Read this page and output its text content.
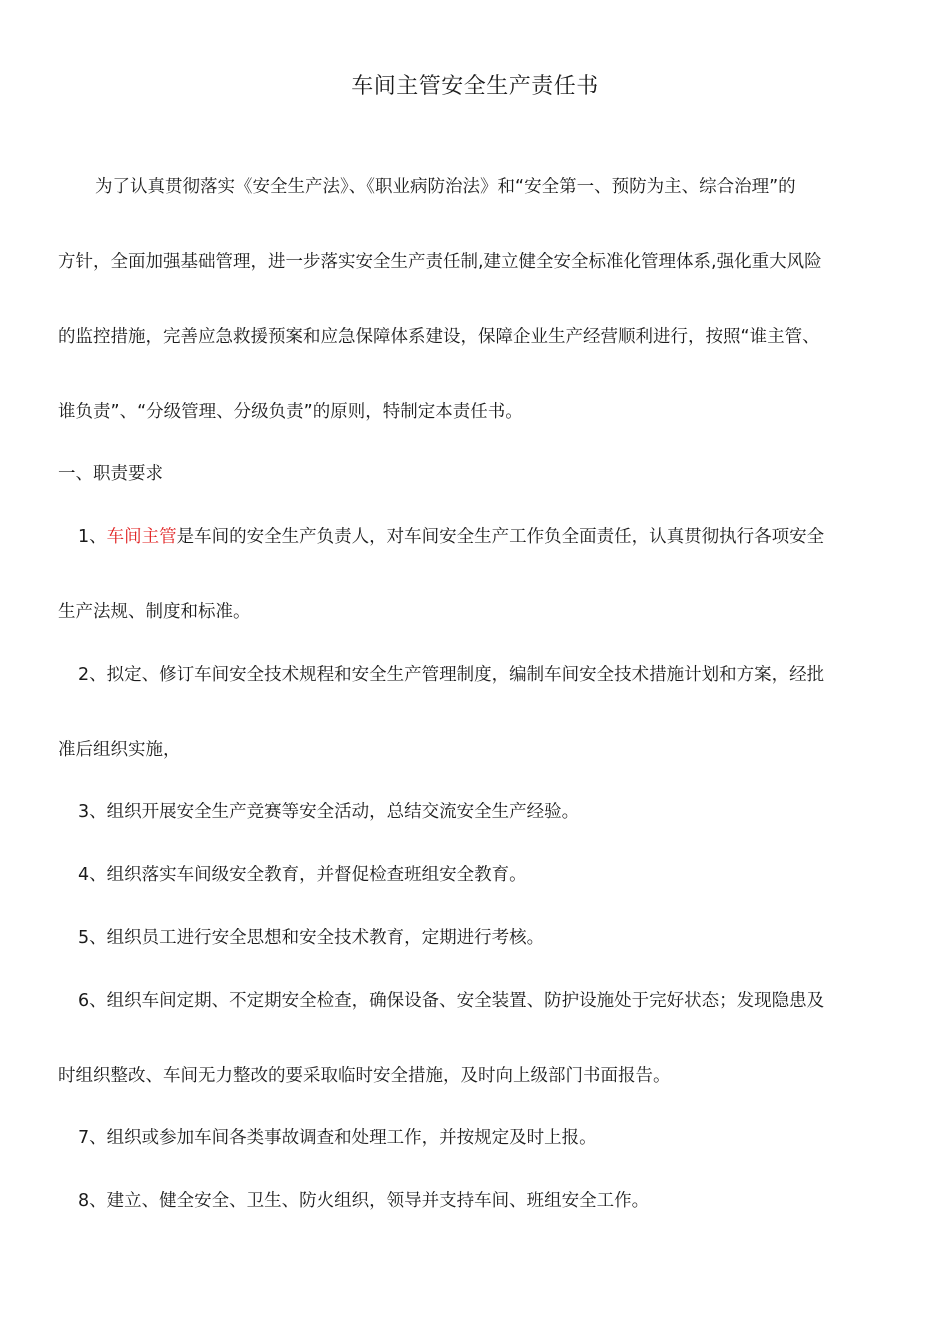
车间主管安全生产责任书
为了认真贯彻落实《安全生产法》、《职业病防治法》和“安全第一、预防为主、综合治理”的
方针，全面加强基础管理，进一步落实安全生产责任制,建立健全安全标准化管理体系,强化重大风险
的监控措施，完善应急救援预案和应急保障体系建设，保障企业生产经营顺利进行，按照“谁主管、
谁负责”、“分级管理、分级负责”的原则，特制定本责任书。
一、职责要求
1、车间主管是车间的安全生产负责人，对车间安全生产工作负全面责任，认真贯彻执行各项安全
生产法规、制度和标准。
2、拟定、修订车间安全技术规程和安全生产管理制度，编制车间安全技术措施计划和方案，经批
准后组织实施，
3、组织开展安全生产竞赛等安全活动，总结交流安全生产经验。
4、组织落实车间级安全教育，并督促检查班组安全教育。
5、组织员工进行安全思想和安全技术教育，定期进行考核。
6、组织车间定期、不定期安全检查，确保设备、安全装置、防护设施处于完好状态；发现隐患及
时组织整改、车间无力整改的要采取临时安全措施，及时向上级部门书面报告。
7、组织或参加车间各类事故调查和处理工作，并按规定及时上报。
8、建立、健全安全、卫生、防火组织，领导并支持车间、班组安全工作。
